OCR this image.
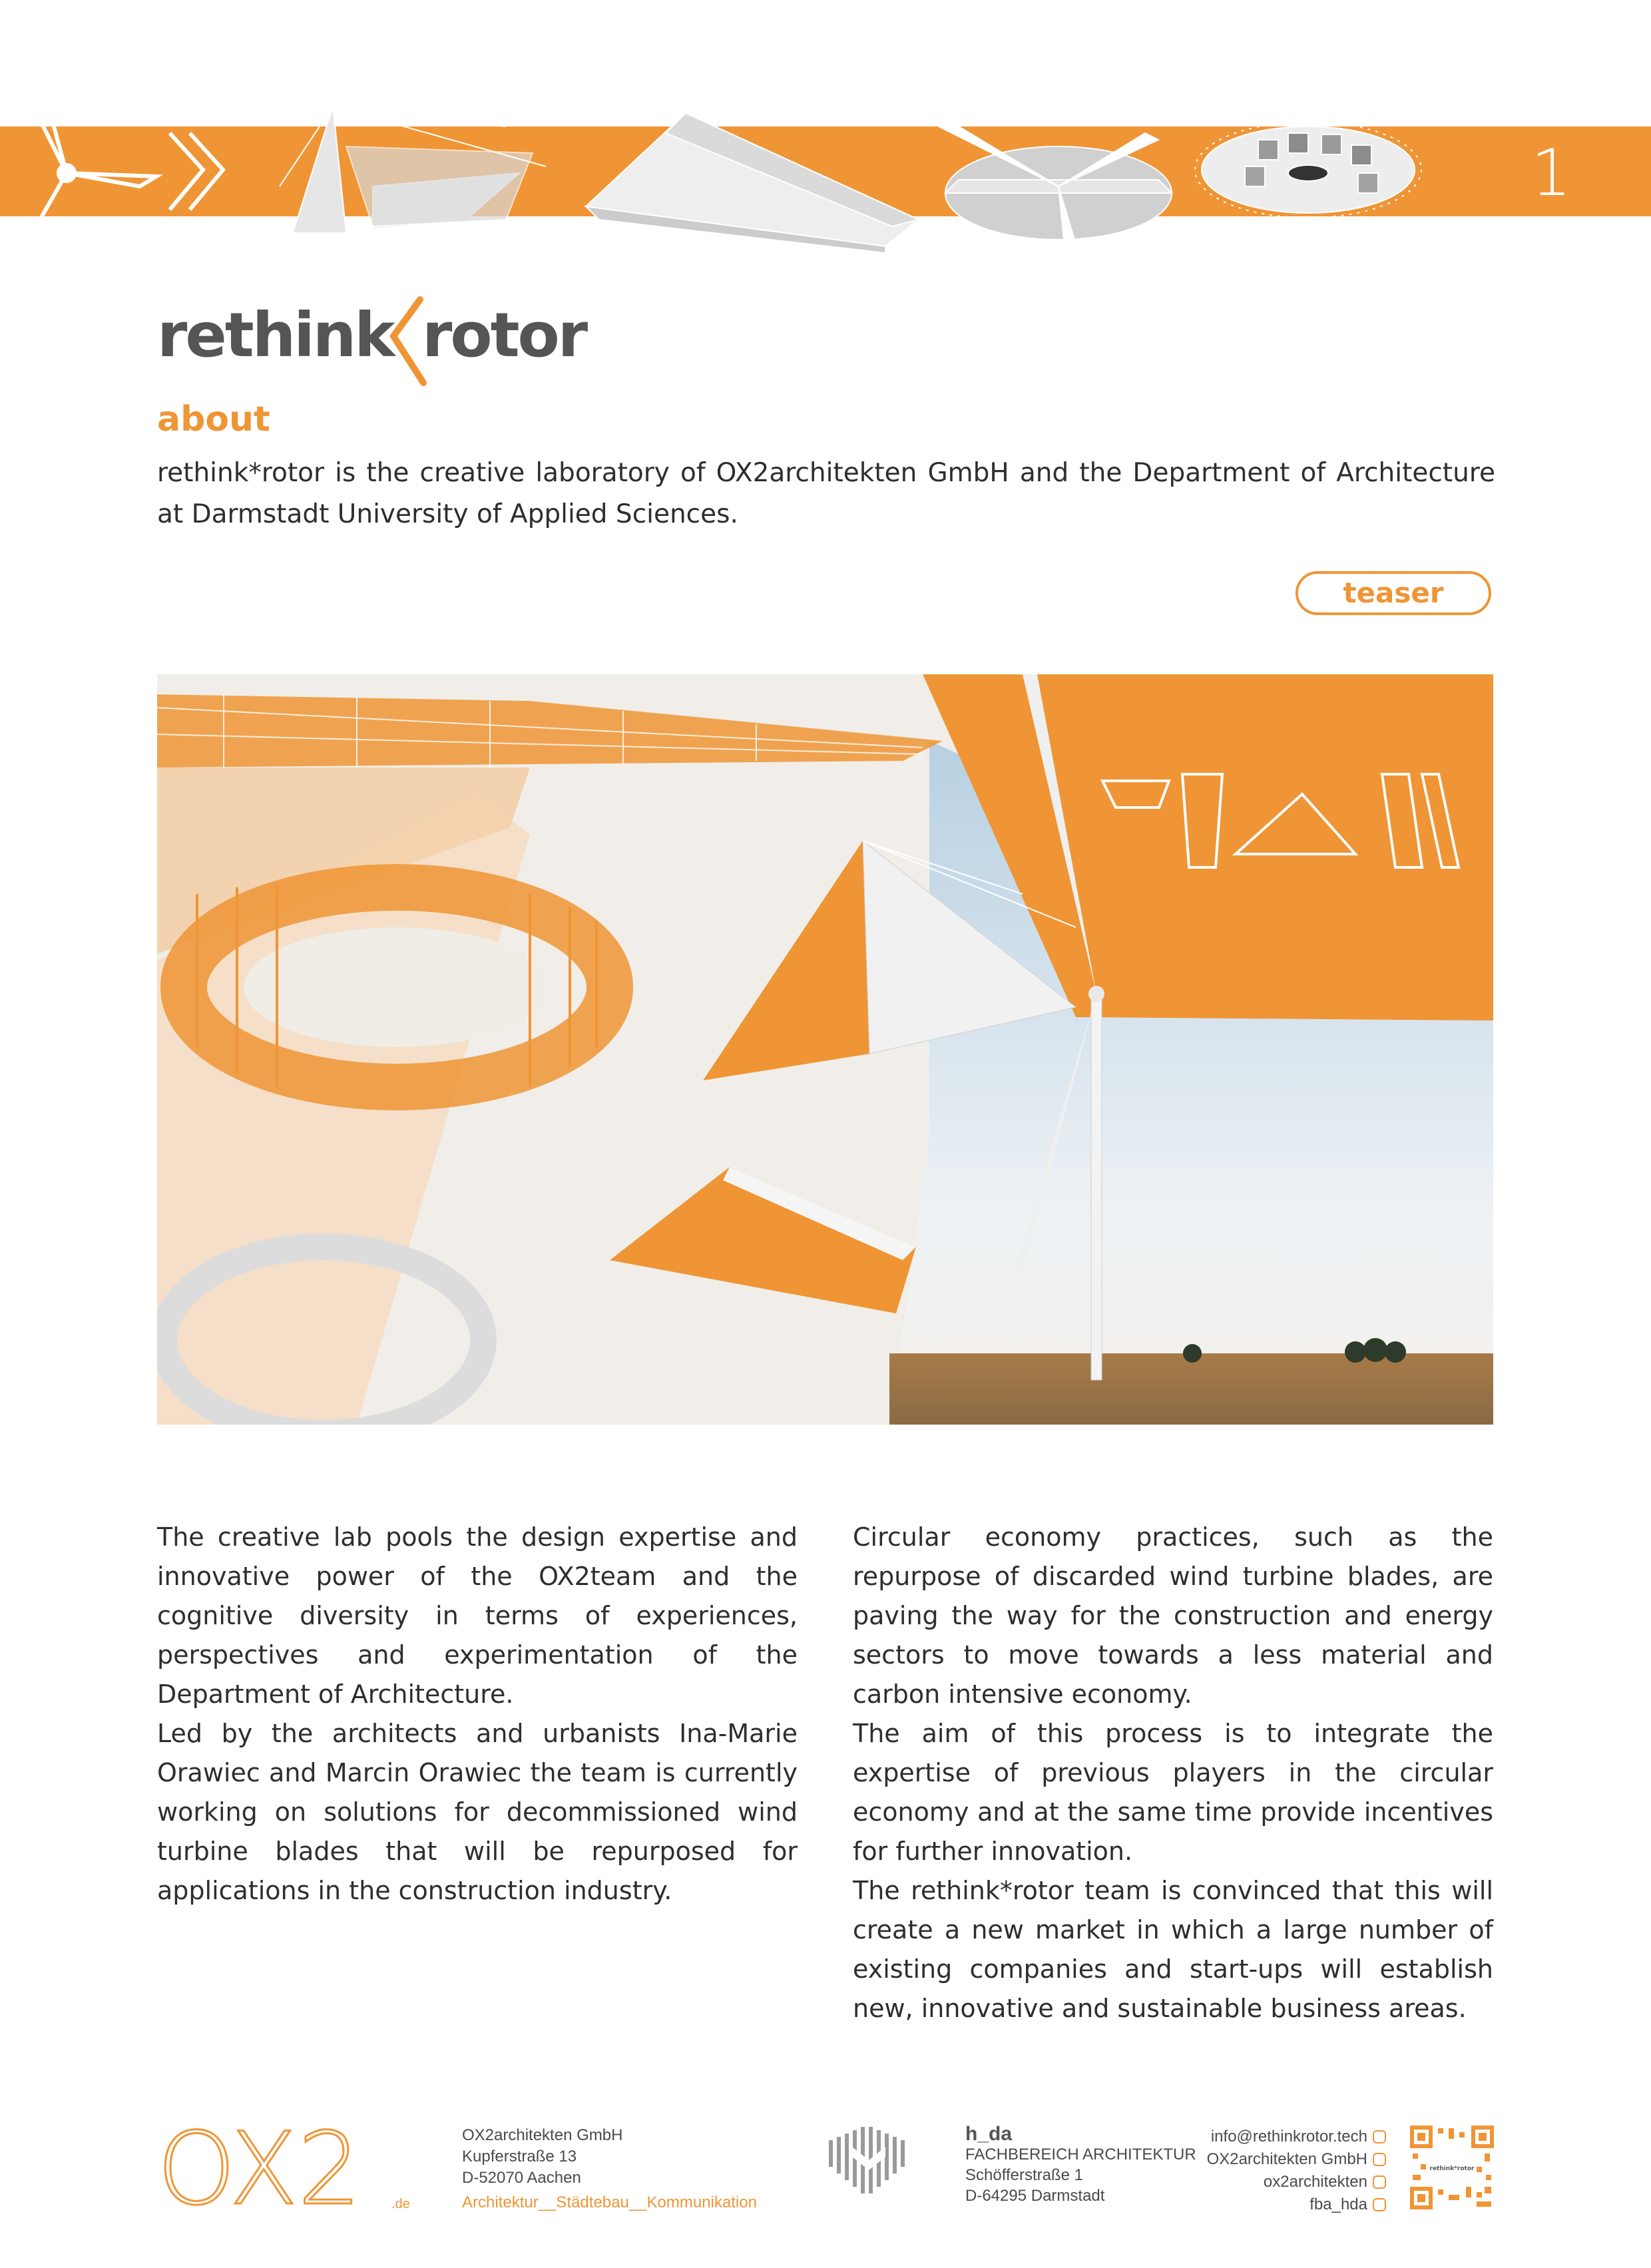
1
rethink rotor
about
rethink*rotor is the creative laboratory of OX2architekten GmbH and the Department of Architecture at Darmstadt University of Applied Sciences.
teaser

The creative lab pools the design expertise and innovative power of the OX2team and the cognitive diversity in terms of experiences, perspectives and experimentation of the Department of Architecture.

Led by the architects and urbanists Ina-Marie Orawiec and Marcin Orawiec the team is currently working on solutions for decommissioned wind turbine blades that will be repurposed for applications in the construction industry.

Circular economy practices, such as the repurpose of discarded wind turbine blades, are paving the way for the construction and energy sectors to move towards a less material and carbon intensive economy.

The aim of this process is to integrate the expertise of previous players in the circular economy and at the same time provide incentives for further innovation.

The rethink*rotor team is convinced that this will create a new market in which a large number of existing companies and start-ups will establish new, innovative and sustainable business areas.

OX2 .de
OX2architekten GmbH
Kupferstraße 13
D-52070 Aachen
Architektur__Städtebau__Kommunikation
h_da
FACHBEREICH ARCHITEKTUR
Schöfferstraße 1
D-64295 Darmstadt
info@rethinkrotor.tech
OX2architekten GmbH
ox2architekten
fba_hda
rethink*rotor
